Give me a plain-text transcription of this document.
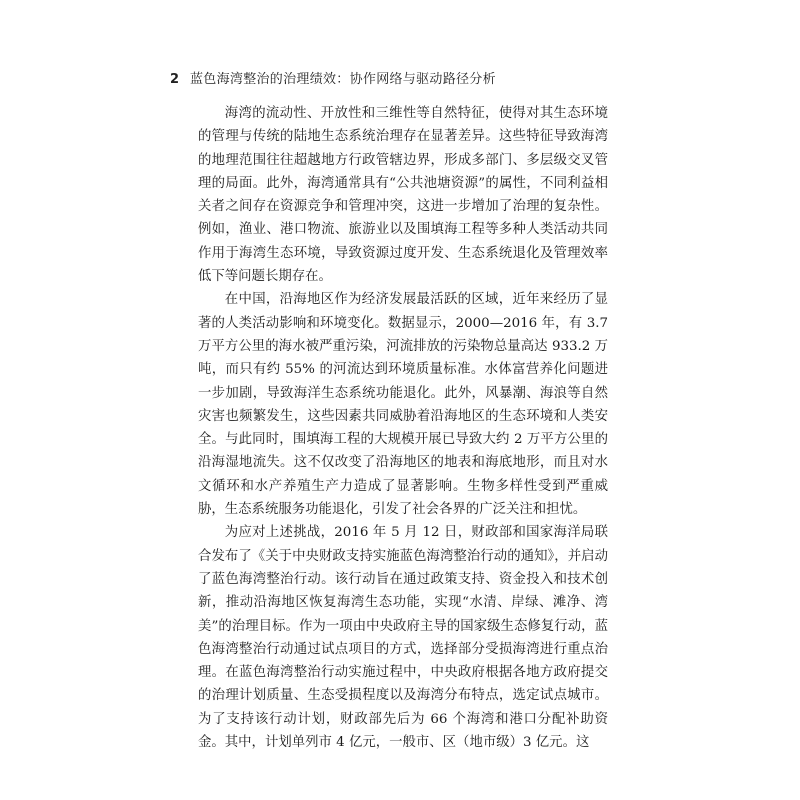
2 蓝色海湾整治的治理绩效：协作网络与驱动路径分析

海湾的流动性、开放性和三维性等自然特征，使得对其生态环境的管理与传统的陆地生态系统治理存在显著差异。这些特征导致海湾的地理范围往往超越地方行政管辖边界，形成多部门、多层级交叉管理的局面。此外，海湾通常具有“公共池塘资源”的属性，不同利益相关者之间存在资源竞争和管理冲突，这进一步增加了治理的复杂性。例如，渔业、港口物流、旅游业以及围填海工程等多种人类活动共同作用于海湾生态环境，导致资源过度开发、生态系统退化及管理效率低下等问题长期存在。

在中国，沿海地区作为经济发展最活跃的区域，近年来经历了显著的人类活动影响和环境变化。数据显示，2000—2016 年，有 3.7 万平方公里的海水被严重污染，河流排放的污染物总量高达 933.2 万吨，而只有约 55% 的河流达到环境质量标准。水体富营养化问题进一步加剧，导致海洋生态系统功能退化。此外，风暴潮、海浪等自然灾害也频繁发生，这些因素共同威胁着沿海地区的生态环境和人类安全。与此同时，围填海工程的大规模开展已导致大约 2 万平方公里的沿海湿地流失。这不仅改变了沿海地区的地表和海底地形，而且对水文循环和水产养殖生产力造成了显著影响。生物多样性受到严重威胁，生态系统服务功能退化，引发了社会各界的广泛关注和担忧。

为应对上述挑战，2016 年 5 月 12 日，财政部和国家海洋局联合发布了《关于中央财政支持实施蓝色海湾整治行动的通知》，并启动了蓝色海湾整治行动。该行动旨在通过政策支持、资金投入和技术创新，推动沿海地区恢复海湾生态功能，实现“水清、岸绿、滩净、湾美”的治理目标。作为一项由中央政府主导的国家级生态修复行动，蓝色海湾整治行动通过试点项目的方式，选择部分受损海湾进行重点治理。在蓝色海湾整治行动实施过程中，中央政府根据各地方政府提交的治理计划质量、生态受损程度以及海湾分布特点，选定试点城市。为了支持该行动计划，财政部先后为 66 个海湾和港口分配补助资金。其中，计划单列市 4 亿元，一般市、区（地市级）3 亿元。这
